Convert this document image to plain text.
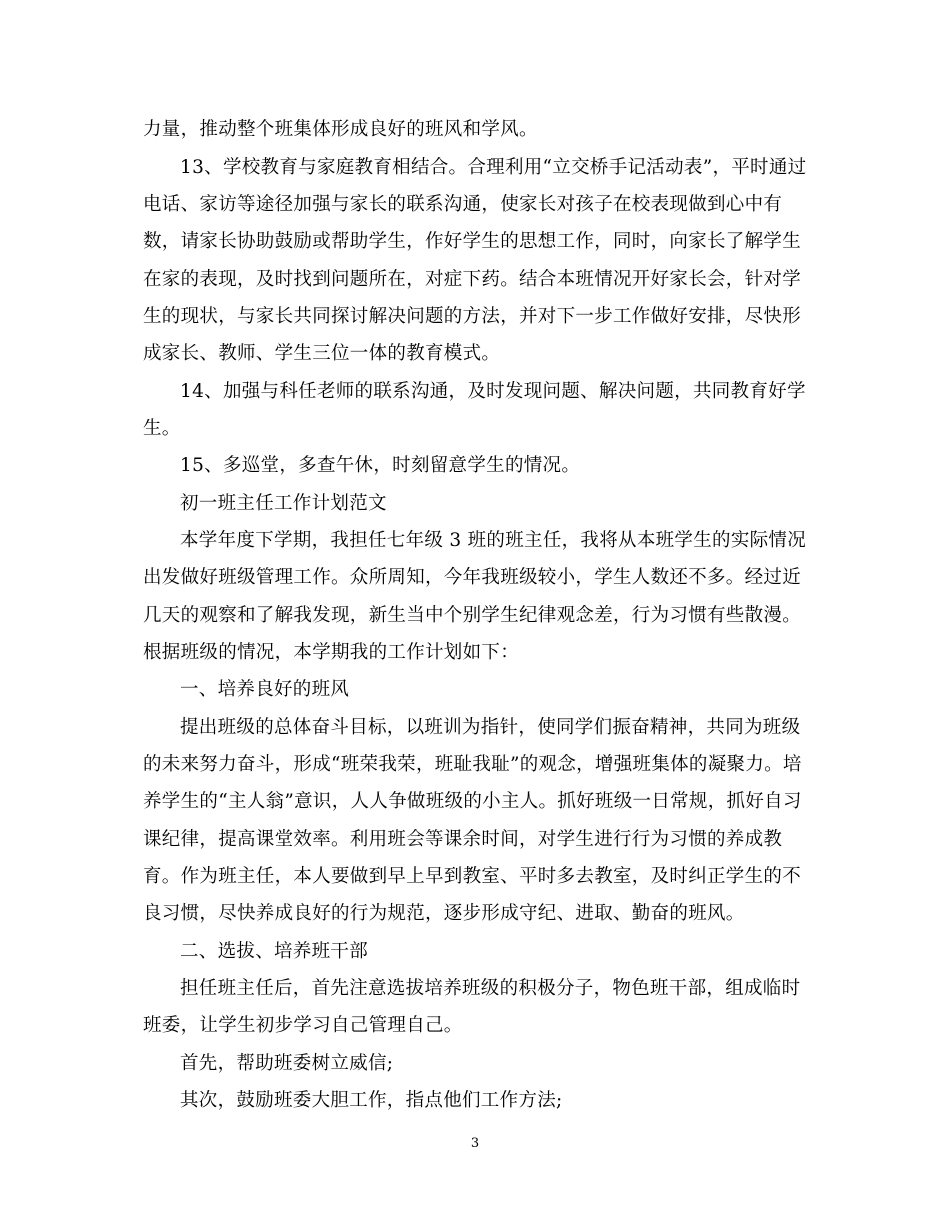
力量，推动整个班集体形成良好的班风和学风。
13、学校教育与家庭教育相结合。合理利用“立交桥手记活动表”，平时通过
电话、家访等途径加强与家长的联系沟通，使家长对孩子在校表现做到心中有
数，请家长协助鼓励或帮助学生，作好学生的思想工作，同时，向家长了解学生
在家的表现，及时找到问题所在，对症下药。结合本班情况开好家长会，针对学
生的现状，与家长共同探讨解决问题的方法，并对下一步工作做好安排，尽快形
成家长、教师、学生三位一体的教育模式。
14、加强与科任老师的联系沟通，及时发现问题、解决问题，共同教育好学
生。
15、多巡堂，多查午休，时刻留意学生的情况。
初一班主任工作计划范文
本学年度下学期，我担任七年级 3 班的班主任，我将从本班学生的实际情况
出发做好班级管理工作。众所周知，今年我班级较小，学生人数还不多。经过近
几天的观察和了解我发现，新生当中个别学生纪律观念差，行为习惯有些散漫。
根据班级的情况，本学期我的工作计划如下：
一、培养良好的班风
提出班级的总体奋斗目标，以班训为指针，使同学们振奋精神，共同为班级
的未来努力奋斗，形成“班荣我荣，班耻我耻”的观念，增强班集体的凝聚力。培
养学生的“主人翁”意识，人人争做班级的小主人。抓好班级一日常规，抓好自习
课纪律，提高课堂效率。利用班会等课余时间，对学生进行行为习惯的养成教
育。作为班主任，本人要做到早上早到教室、平时多去教室，及时纠正学生的不
良习惯，尽快养成良好的行为规范，逐步形成守纪、进取、勤奋的班风。
二、选拔、培养班干部
担任班主任后，首先注意选拔培养班级的积极分子，物色班干部，组成临时
班委，让学生初步学习自己管理自己。
首先，帮助班委树立威信;
其次，鼓励班委大胆工作，指点他们工作方法;
3
